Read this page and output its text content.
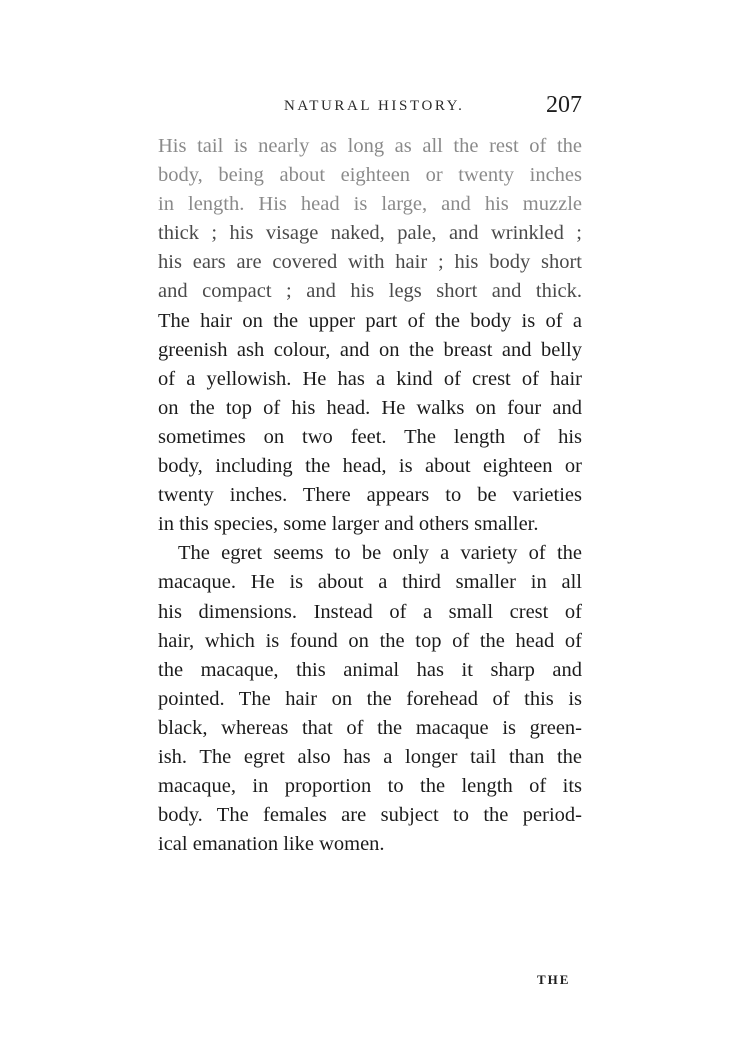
NATURAL HISTORY.	207
His tail is nearly as long as all the rest of the
body, being about eighteen or twenty inches
in length. His head is large, and his muzzle
thick ; his visage naked, pale, and wrinkled ;
his ears are covered with hair ; his body short
and compact ; and his legs short and thick.
The hair on the upper part of the body is of a
greenish ash colour, and on the breast and belly
of a yellowish. He has a kind of crest of hair
on the top of his head. He walks on four and
sometimes on two feet. The length of his
body, including the head, is about eighteen or
twenty inches. There appears to be varieties
in this species, some larger and others smaller.
The egret seems to be only a variety of the
macaque. He is about a third smaller in all
his dimensions. Instead of a small crest of
hair, which is found on the top of the head of
the macaque, this animal has it sharp and
pointed. The hair on the forehead of this is
black, whereas that of the macaque is green-
ish. The egret also has a longer tail than the
macaque, in proportion to the length of its
body. The females are subject to the period-
ical emanation like women.
THE
